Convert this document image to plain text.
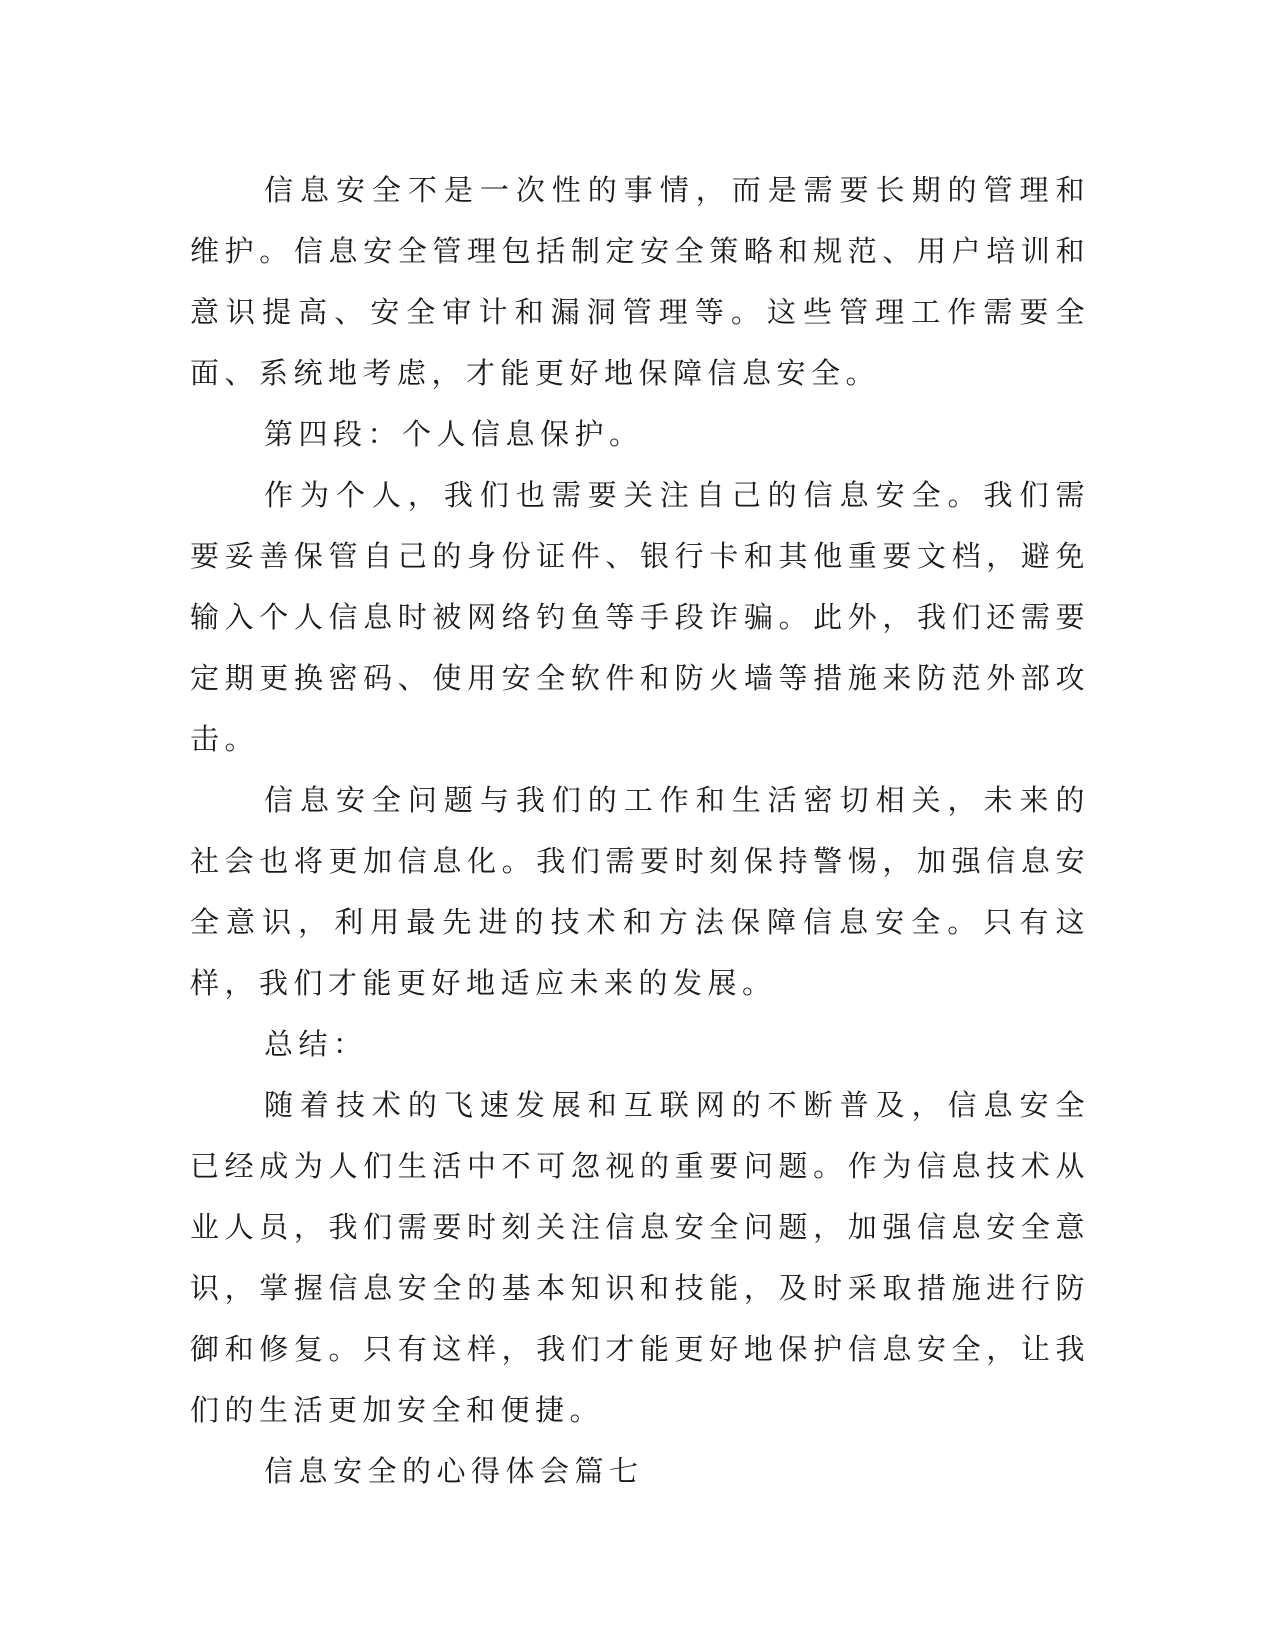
信息安全不是一次性的事情，而是需要长期的管理和维护。信息安全管理包括制定安全策略和规范、用户培训和意识提高、安全审计和漏洞管理等。这些管理工作需要全面、系统地考虑，才能更好地保障信息安全。

第四段：个人信息保护。

作为个人，我们也需要关注自己的信息安全。我们需要妥善保管自己的身份证件、银行卡和其他重要文档，避免输入个人信息时被网络钓鱼等手段诈骗。此外，我们还需要定期更换密码、使用安全软件和防火墙等措施来防范外部攻击。

信息安全问题与我们的工作和生活密切相关，未来的社会也将更加信息化。我们需要时刻保持警惕，加强信息安全意识，利用最先进的技术和方法保障信息安全。只有这样，我们才能更好地适应未来的发展。

总结：

随着技术的飞速发展和互联网的不断普及，信息安全已经成为人们生活中不可忽视的重要问题。作为信息技术从业人员，我们需要时刻关注信息安全问题，加强信息安全意识，掌握信息安全的基本知识和技能，及时采取措施进行防御和修复。只有这样，我们才能更好地保护信息安全，让我们的生活更加安全和便捷。

信息安全的心得体会篇七
